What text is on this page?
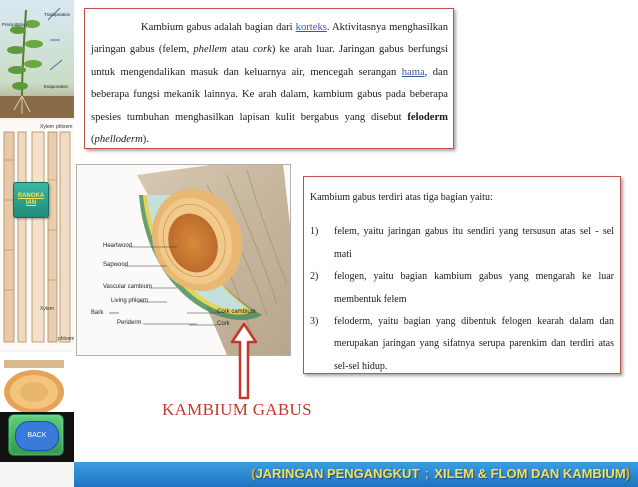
Precipitation
Transpiration
Evaporation
Xylem phloem
Xylem
phloem
RANGKA IAN
BACK
Kambium gabus adalah bagian dari korteks. Aktivitasnya menghasilkan jaringan gabus (felem, phellem atau cork) ke arah luar. Jaringan gabus berfungsi untuk mengendalikan masuk dan keluarnya air, mencegah serangan hama, dan beberapa fungsi mekanik lainnya. Ke arah dalam, kambium gabus pada beberapa spesies tumbuhan menghasilkan lapisan kulit bergabus yang disebut feloderm (phelloderm).
Heartwood
Sapwood
Vascular cambium
Living phloem
Bark
Periderm
Cork cambium
Cork
Kambium gabus terdiri atas tiga bagian yaitu:
1)	felem, yaitu jaringan gabus itu sendiri yang tersusun atas sel - sel mati
2)	felogen, yaitu bagian kambium gabus yang mengarah ke luar membentuk felem
3)	feloderm, yaitu bagian yang dibentuk felogen kearah dalam dan merupakan jaringan yang sifatnya serupa parenkim dan terdiri atas sel-sel hidup.
KAMBIUM GABUS
(JARINGAN PENGANGKUT ; XILEM & FLOM DAN KAMBIUM)
